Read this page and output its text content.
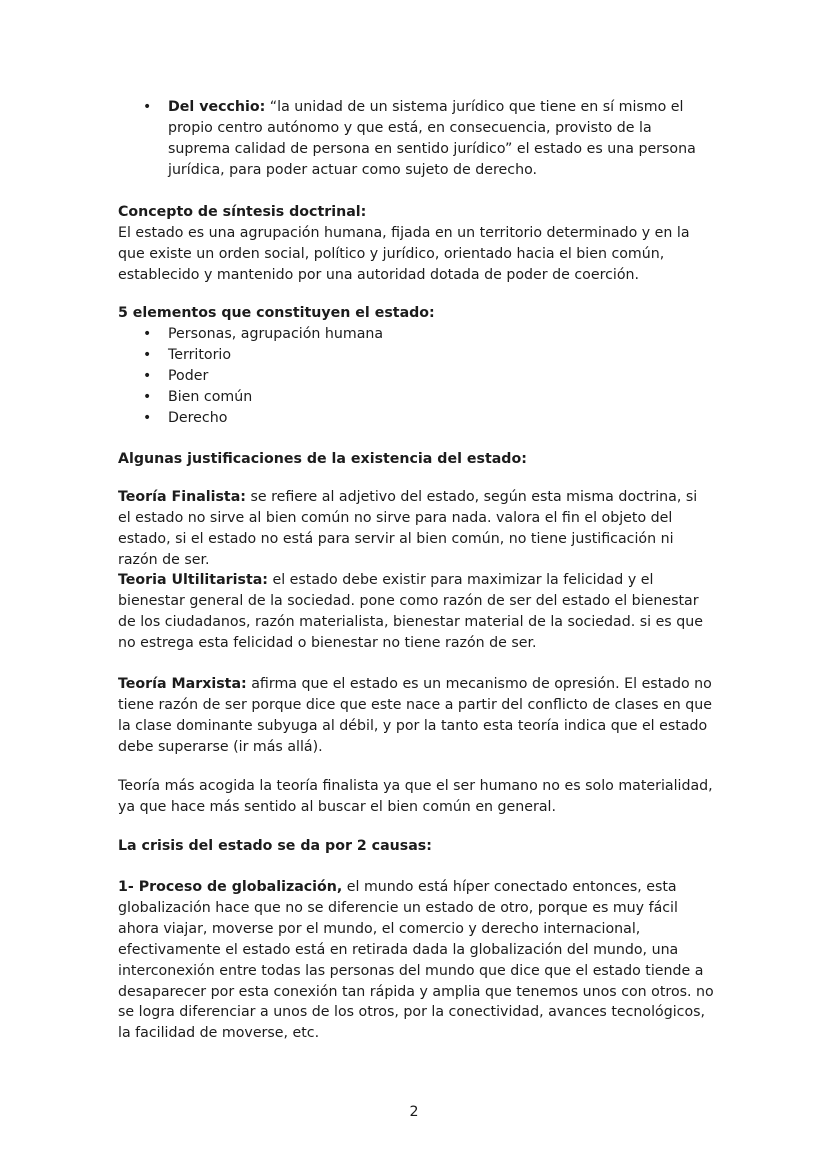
• Del vecchio: “la unidad de un sistema jurídico que tiene en sí mismo el propio centro autónomo y que está, en consecuencia, provisto de la suprema calidad de persona en sentido jurídico” el estado es una persona jurídica, para poder actuar como sujeto de derecho.

Concepto de síntesis doctrinal:

El estado es una agrupación humana, fijada en un territorio determinado y en la que existe un orden social, político y jurídico, orientado hacia el bien común, establecido y mantenido por una autoridad dotada de poder de coerción.

5 elementos que constituyen el estado:

• Personas, agrupación humana
• Territorio
• Poder
• Bien común
• Derecho

Algunas justificaciones de la existencia del estado:

Teoría Finalista: se refiere al adjetivo del estado, según esta misma doctrina, si el estado no sirve al bien común no sirve para nada. valora el fin el objeto del estado, si el estado no está para servir al bien común, no tiene justificación ni razón de ser.

Teoria Ultilitarista: el estado debe existir para maximizar la felicidad y el bienestar general de la sociedad. pone como razón de ser del estado el bienestar de los ciudadanos, razón materialista, bienestar material de la sociedad. si es que no estrega esta felicidad o bienestar no tiene razón de ser.

Teoría Marxista: afirma que el estado es un mecanismo de opresión. El estado no tiene razón de ser porque dice que este nace a partir del conflicto de clases en que la clase dominante subyuga al débil, y por la tanto esta teoría indica que el estado debe superarse (ir más allá).

Teoría más acogida la teoría finalista ya que el ser humano no es solo materialidad, ya que hace más sentido al buscar el bien común en general.

La crisis del estado se da por 2 causas:

1- Proceso de globalización, el mundo está híper conectado entonces, esta globalización hace que no se diferencie un estado de otro, porque es muy fácil ahora viajar, moverse por el mundo, el comercio y derecho internacional, efectivamente el estado está en retirada dada la globalización del mundo, una interconexión entre todas las personas del mundo que dice que el estado tiende a desaparecer por esta conexión tan rápida y amplia que tenemos unos con otros. no se logra diferenciar a unos de los otros, por la conectividad, avances tecnológicos, la facilidad de moverse, etc.

2
